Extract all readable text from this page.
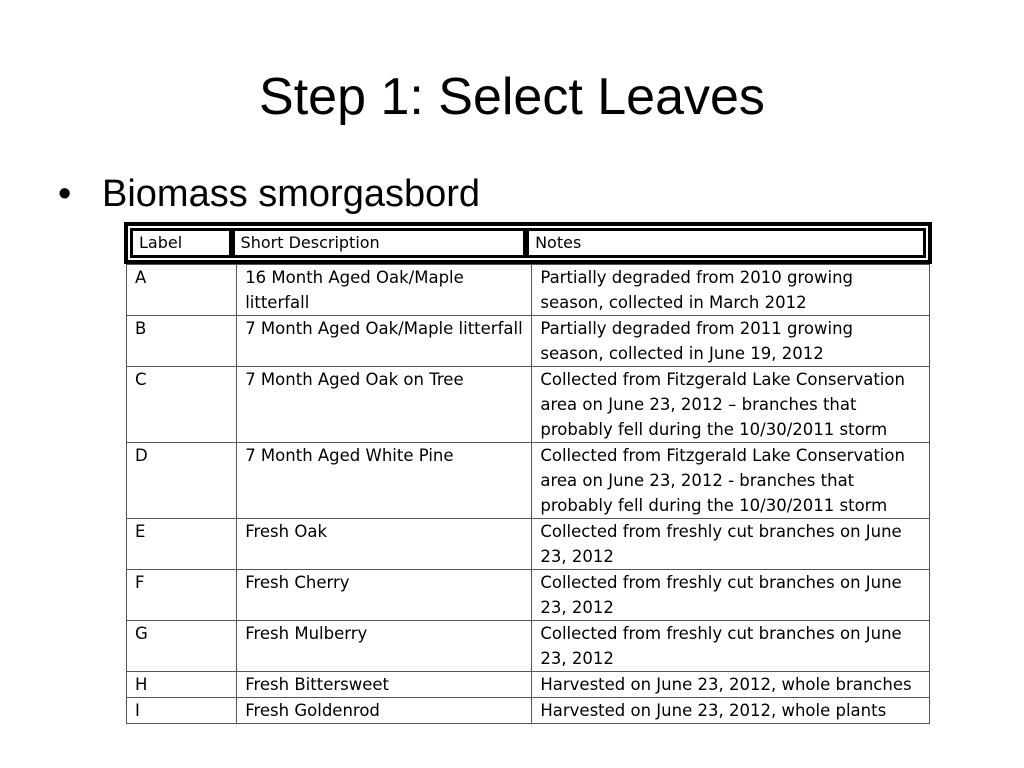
Step 1: Select Leaves
• Biomass smorgasbord
Label	Short Description	Notes
A	16 Month Aged Oak/Maple litterfall	Partially degraded from 2010 growing season, collected in March 2012
B	7 Month Aged Oak/Maple litterfall	Partially degraded from 2011 growing season, collected in June 19, 2012
C	7 Month Aged Oak on Tree	Collected from Fitzgerald Lake Conservation area on June 23, 2012 – branches that probably fell during the 10/30/2011 storm
D	7 Month Aged White Pine	Collected from Fitzgerald Lake Conservation area on June 23, 2012 - branches that probably fell during the 10/30/2011 storm
E	Fresh Oak	Collected from freshly cut branches on June 23, 2012
F	Fresh Cherry	Collected from freshly cut branches on June 23, 2012
G	Fresh Mulberry	Collected from freshly cut branches on June 23, 2012
H	Fresh Bittersweet	Harvested on June 23, 2012, whole branches
I	Fresh Goldenrod	Harvested on June 23, 2012, whole plants
